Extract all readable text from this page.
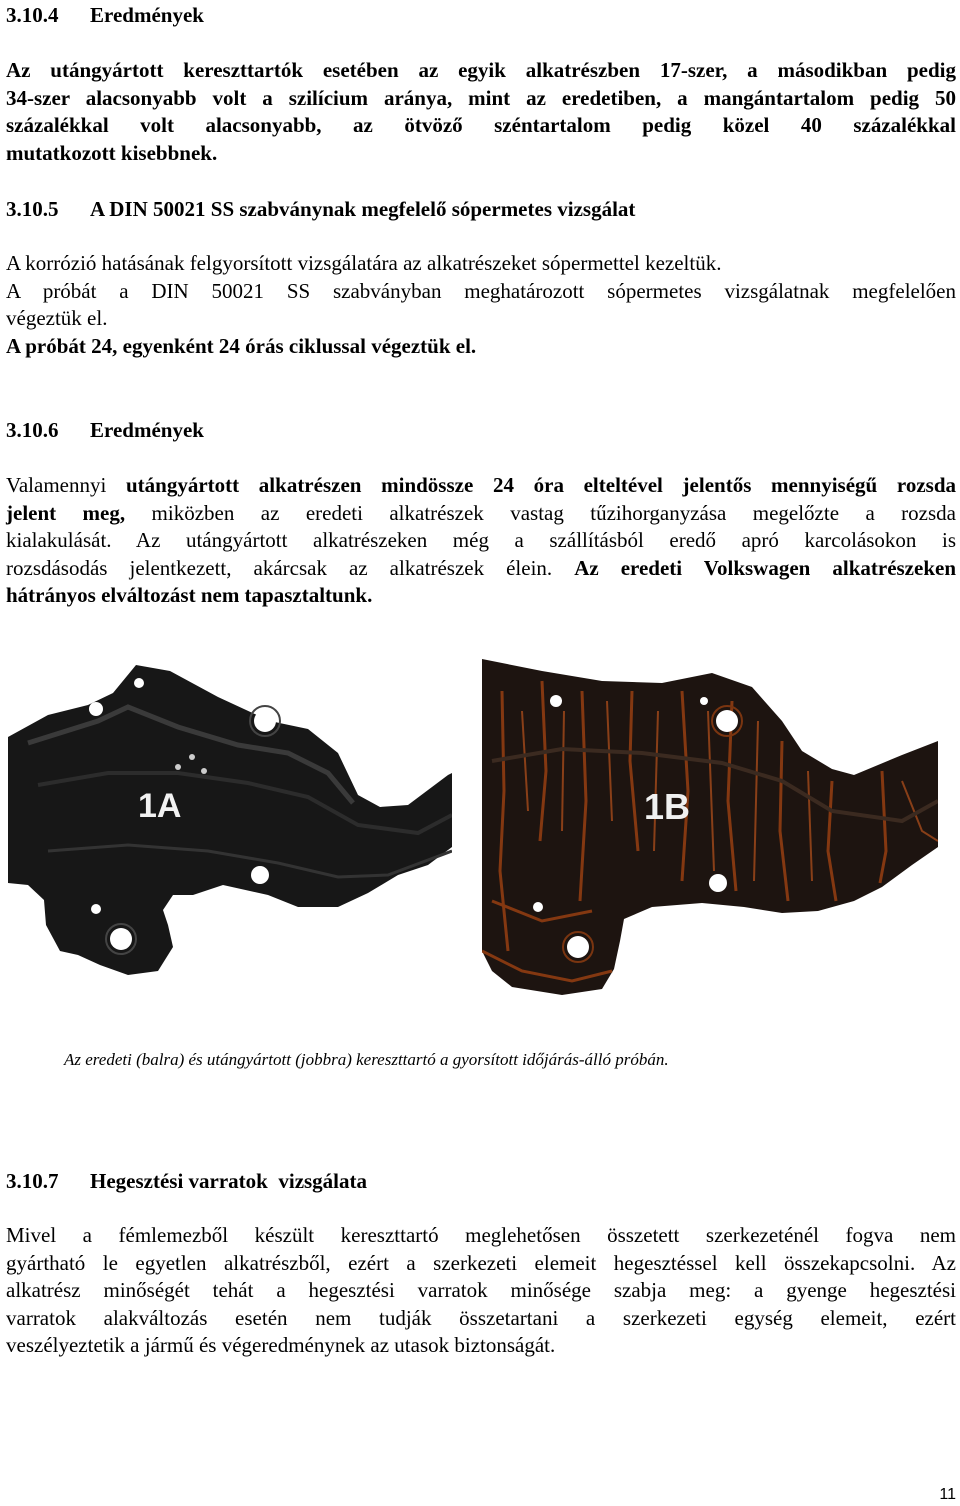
3.10.4 Eredmények
Az utángyártott kereszttartók esetében az egyik alkatrészben 17-szer, a másodikban pedig
34-szer alacsonyabb volt a szilícium aránya, mint az eredetiben, a mangántartalom pedig 50
százalékkal volt alacsonyabb, az ötvöző széntartalom pedig közel 40 százalékkal
mutatkozott kisebbnek.
3.10.5 A DIN 50021 SS szabványnak megfelelő sópermetes vizsgálat
A korrózió hatásának felgyorsított vizsgálatára az alkatrészeket sópermettel kezeltük.
A próbát a DIN 50021 SS szabványban meghatározott sópermetes vizsgálatnak megfelelően
végeztük el.
A próbát 24, egyenként 24 órás ciklussal végeztük el.
3.10.6 Eredmények
Valamennyi utángyártott alkatrészen mindössze 24 óra elteltével jelentős mennyiségű rozsda
jelent meg, miközben az eredeti alkatrészek vastag tűzihorganyzása megelőzte a rozsda
kialakulását. Az utángyártott alkatrészeken még a szállításból eredő apró karcolásokon is
rozsdásodás jelentkezett, akárcsak az alkatrészek élein. Az eredeti Volkswagen alkatrészeken
hátrányos elváltozást nem tapasztaltunk.
1A	1B
Az eredeti (balra) és utángyártott (jobbra) kereszttartó a gyorsított időjárás-álló próbán.
3.10.7 Hegesztési varratok  vizsgálata
Mivel a fémlemezből készült kereszttartó meglehetősen összetett szerkezeténél fogva nem
gyártható le egyetlen alkatrészből, ezért a szerkezeti elemeit hegesztéssel kell összekapcsolni. Az
alkatrész minőségét tehát a hegesztési varratok minősége szabja meg: a gyenge hegesztési
varratok alakváltozás esetén nem tudják összetartani a szerkezeti egység elemeit, ezért
veszélyeztetik a jármű és végeredménynek az utasok biztonságát.
11
